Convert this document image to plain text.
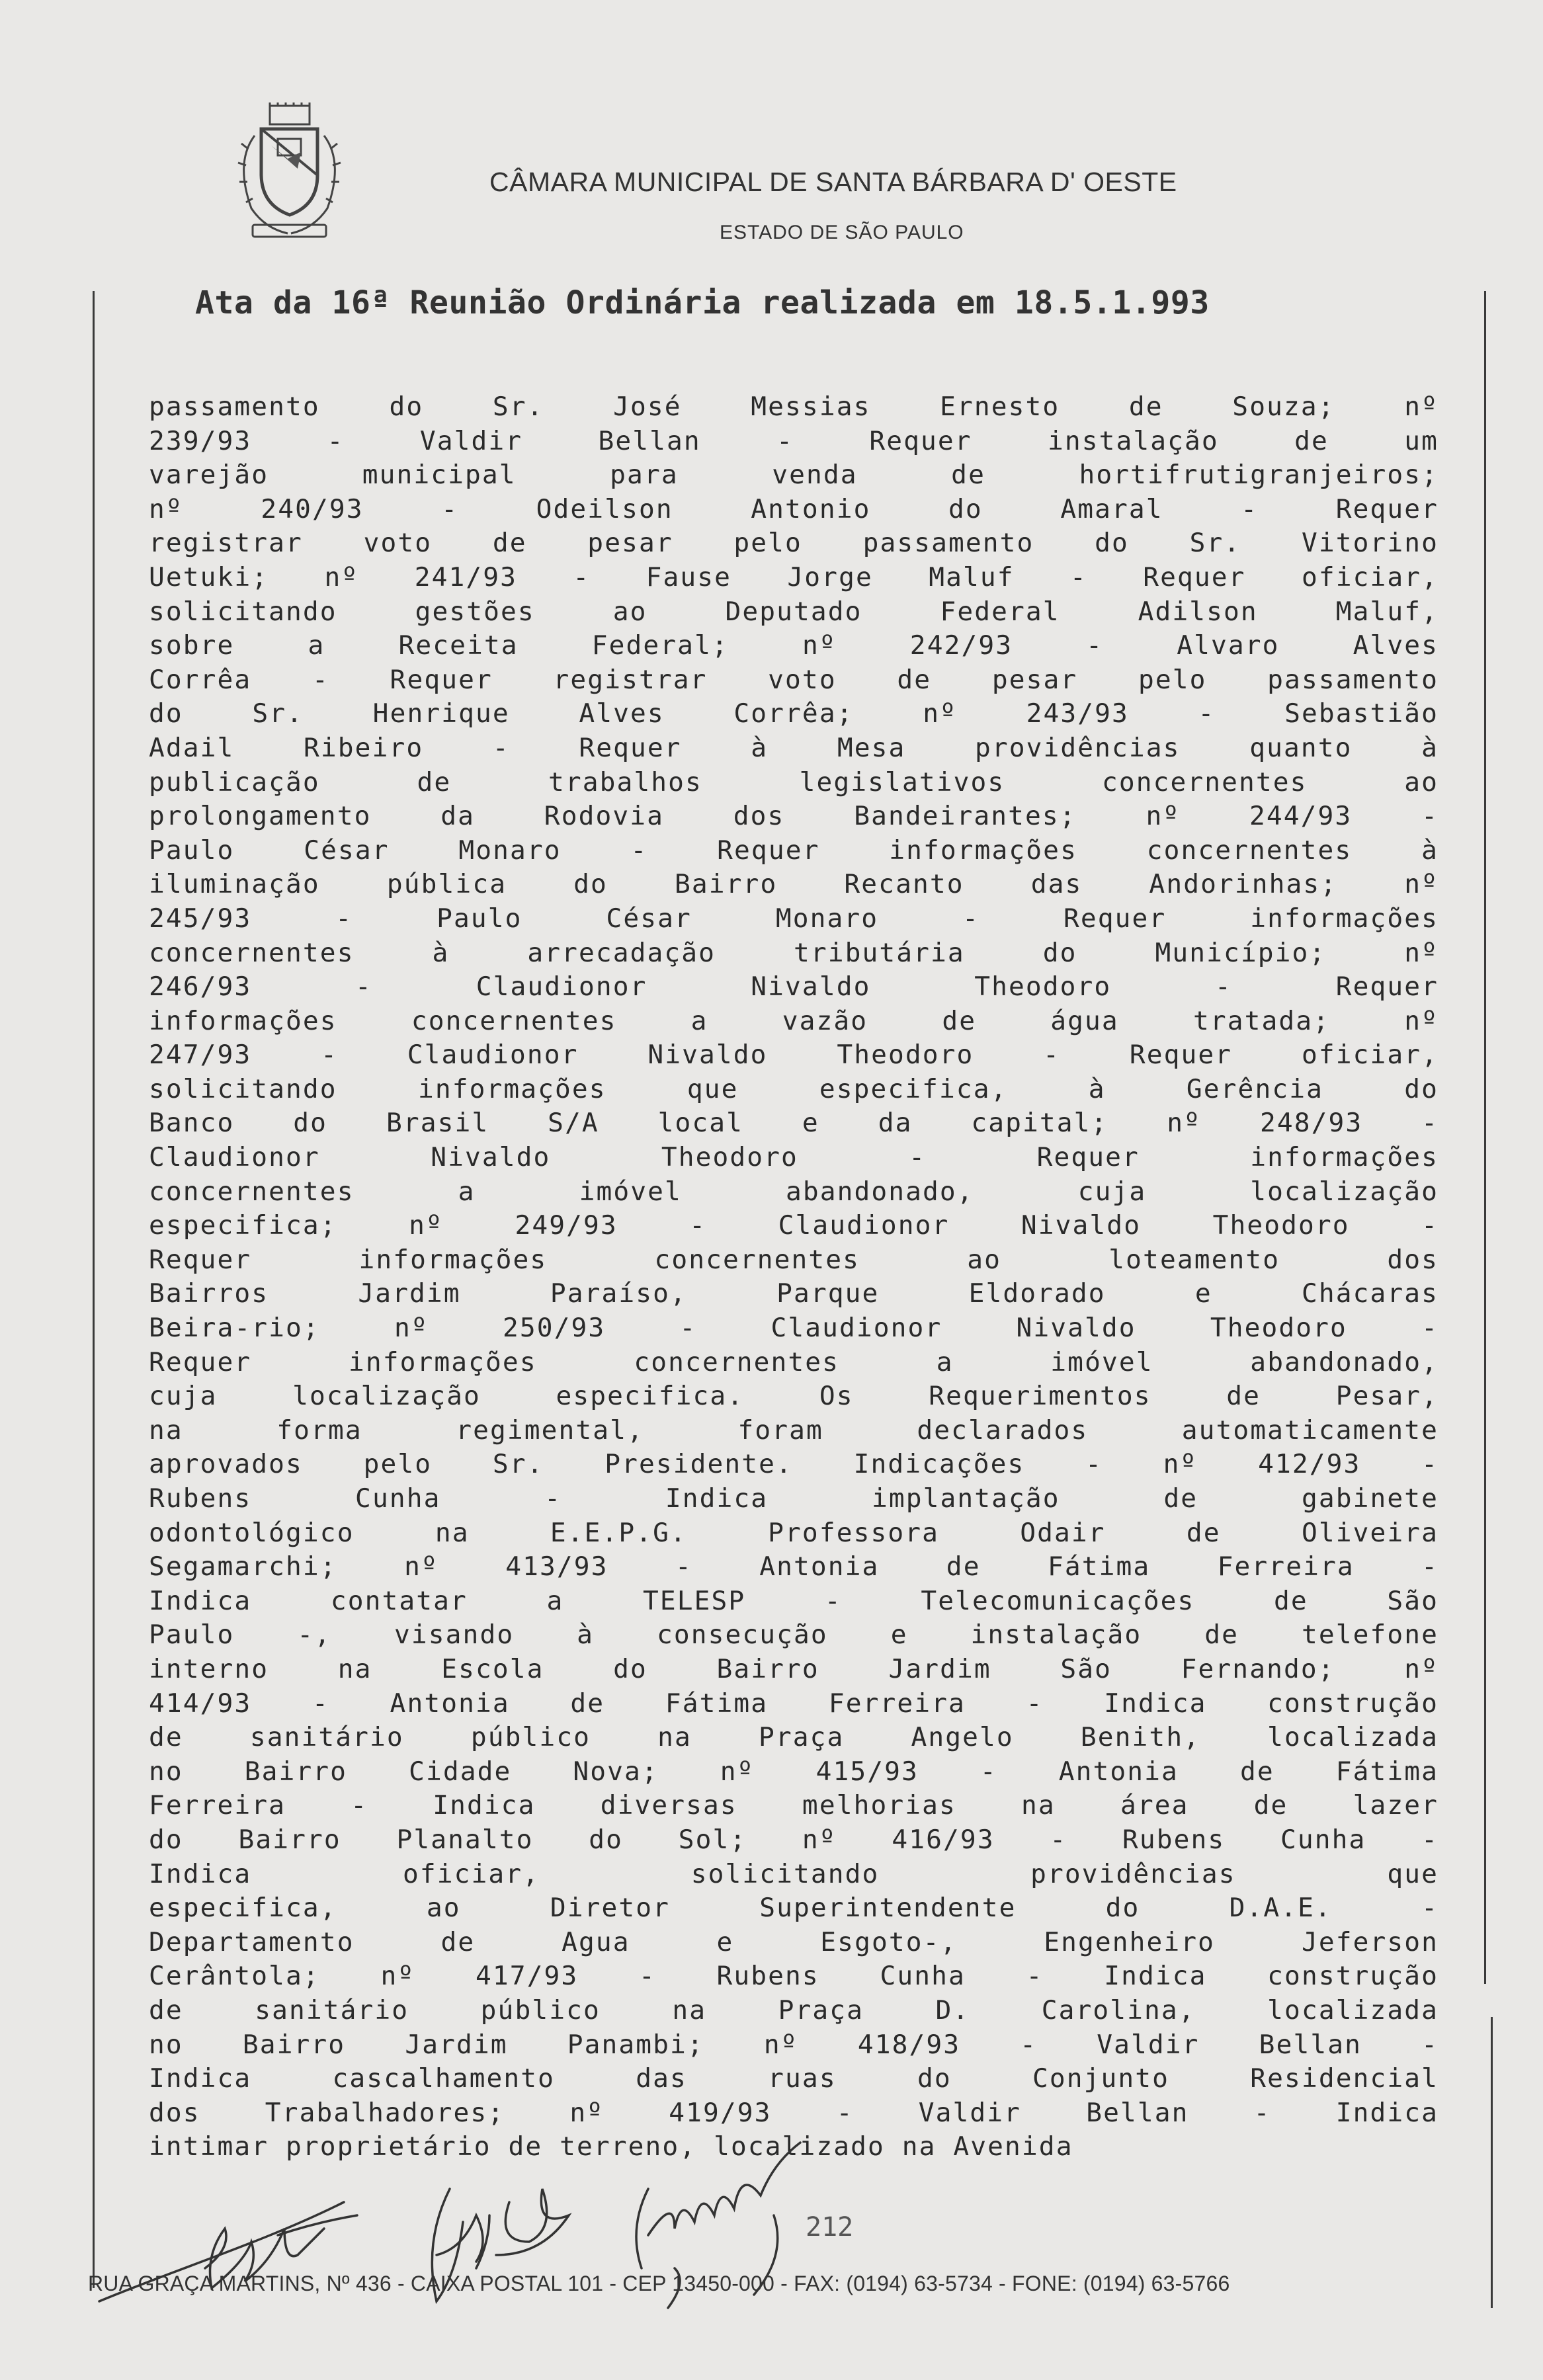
CÂMARA MUNICIPAL DE SANTA BÁRBARA D' OESTE
ESTADO DE SÃO PAULO
Ata da 16ª Reunião Ordinária realizada em 18.5.1.993
passamento do Sr. José Messias Ernesto de Souza; nº
239/93 - Valdir Bellan - Requer instalação de um
varejão municipal para venda de hortifrutigranjeiros;
nº 240/93 - Odeilson Antonio do Amaral - Requer
registrar voto de pesar pelo passamento do Sr. Vitorino
Uetuki; nº 241/93 - Fause Jorge Maluf - Requer oficiar,
solicitando gestões ao Deputado Federal Adilson Maluf,
sobre a Receita Federal; nº 242/93 - Alvaro Alves
Corrêa - Requer registrar voto de pesar pelo passamento
do Sr. Henrique Alves Corrêa; nº 243/93 - Sebastião
Adail Ribeiro - Requer à Mesa providências quanto à
publicação de trabalhos legislativos concernentes ao
prolongamento da Rodovia dos Bandeirantes; nº 244/93 -
Paulo César Monaro - Requer informações concernentes à
iluminação pública do Bairro Recanto das Andorinhas; nº
245/93 - Paulo César Monaro - Requer informações
concernentes à arrecadação tributária do Município; nº
246/93 - Claudionor Nivaldo Theodoro - Requer
informações concernentes a vazão de água tratada; nº
247/93 - Claudionor Nivaldo Theodoro - Requer oficiar,
solicitando informações que especifica, à Gerência do
Banco do Brasil S/A local e da capital; nº 248/93 -
Claudionor Nivaldo Theodoro - Requer informações
concernentes a imóvel abandonado, cuja localização
especifica; nº 249/93 - Claudionor Nivaldo Theodoro -
Requer informações concernentes ao loteamento dos
Bairros Jardim Paraíso, Parque Eldorado e Chácaras
Beira-rio; nº 250/93 - Claudionor Nivaldo Theodoro -
Requer informações concernentes a imóvel abandonado,
cuja localização especifica. Os Requerimentos de Pesar,
na forma regimental, foram declarados automaticamente
aprovados pelo Sr. Presidente. Indicações - nº 412/93 -
Rubens Cunha - Indica implantação de gabinete
odontológico na E.E.P.G. Professora Odair de Oliveira
Segamarchi; nº 413/93 - Antonia de Fátima Ferreira -
Indica contatar a TELESP - Telecomunicações de São
Paulo -, visando à consecução e instalação de telefone
interno na Escola do Bairro Jardim São Fernando; nº
414/93 - Antonia de Fátima Ferreira - Indica construção
de sanitário público na Praça Angelo Benith, localizada
no Bairro Cidade Nova; nº 415/93 - Antonia de Fátima
Ferreira - Indica diversas melhorias na área de lazer
do Bairro Planalto do Sol; nº 416/93 - Rubens Cunha -
Indica oficiar, solicitando providências que
especifica, ao Diretor Superintendente do D.A.E. -
Departamento de Agua e Esgoto-, Engenheiro Jeferson
Cerântola; nº 417/93 - Rubens Cunha - Indica construção
de sanitário público na Praça D. Carolina, localizada
no Bairro Jardim Panambi; nº 418/93 - Valdir Bellan -
Indica cascalhamento das ruas do Conjunto Residencial
dos Trabalhadores; nº 419/93 - Valdir Bellan - Indica
intimar proprietário de terreno, localizado na Avenida
212
RUA GRAÇA MARTINS, Nº 436 - CAIXA POSTAL 101 - CEP 13450-000 - FAX: (0194) 63-5734 - FONE: (0194) 63-5766
